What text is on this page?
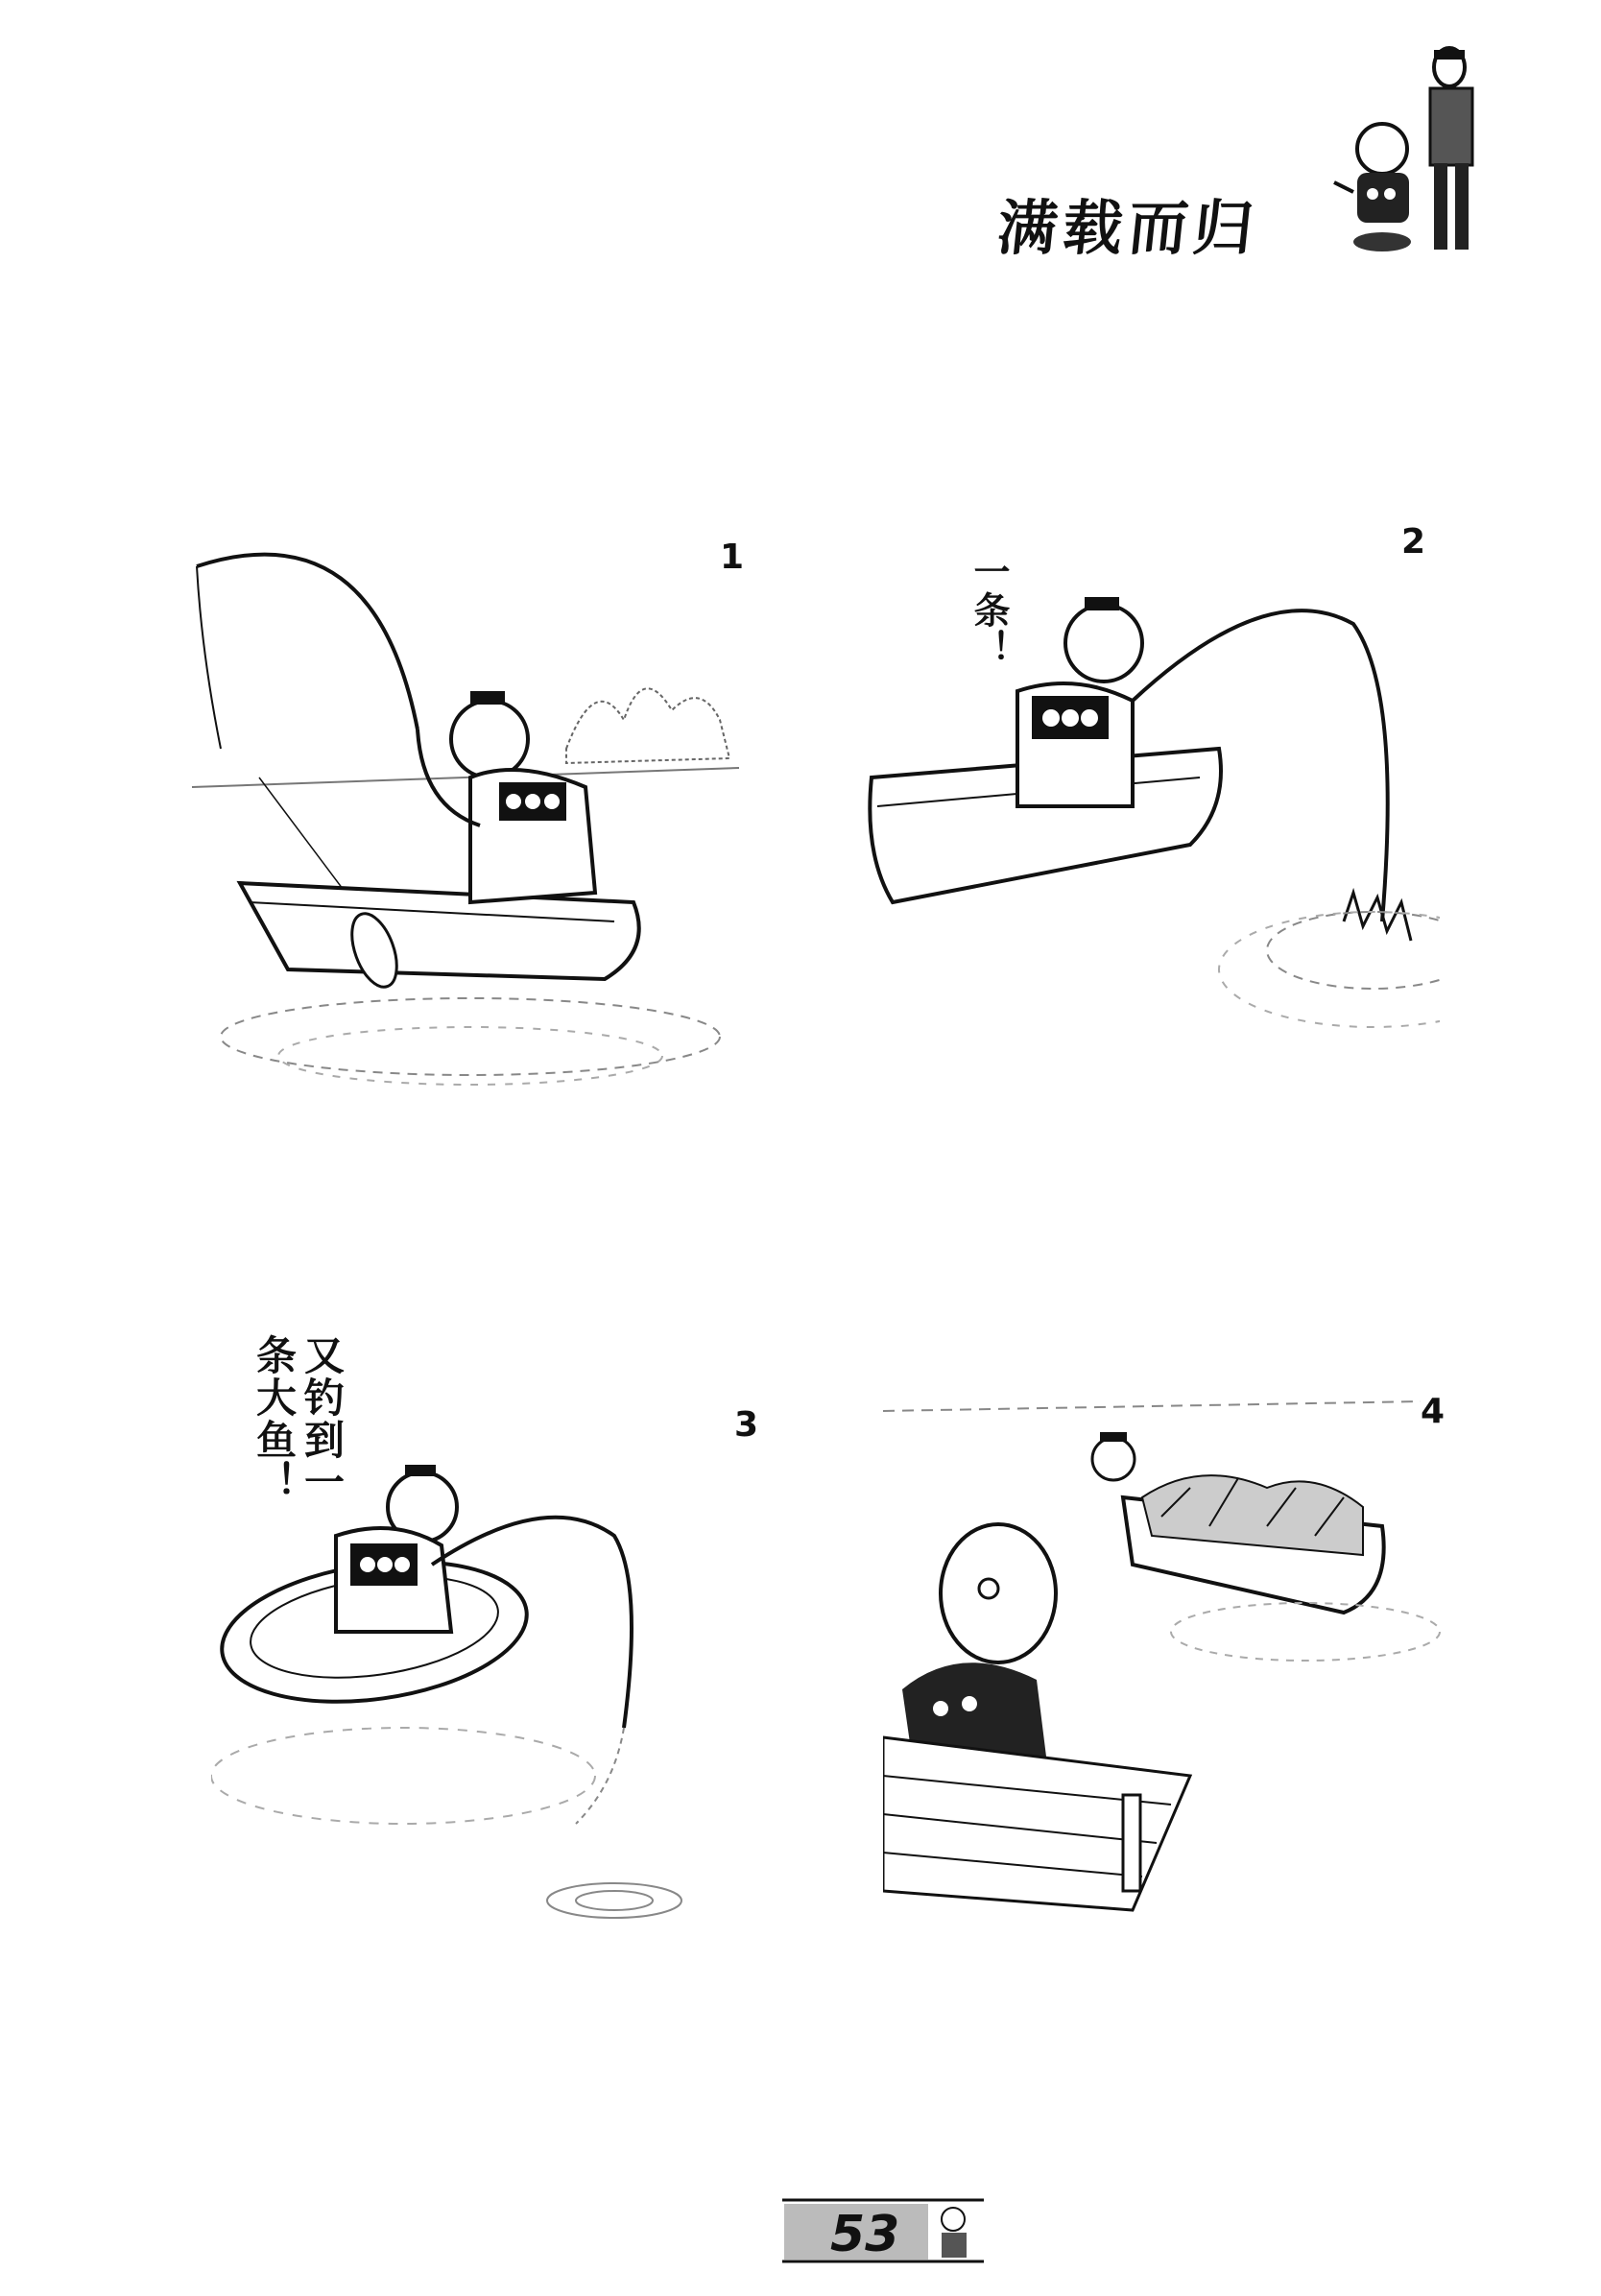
满载而归
1	2
一条！
3
又钓到一条大鱼！	4
53
